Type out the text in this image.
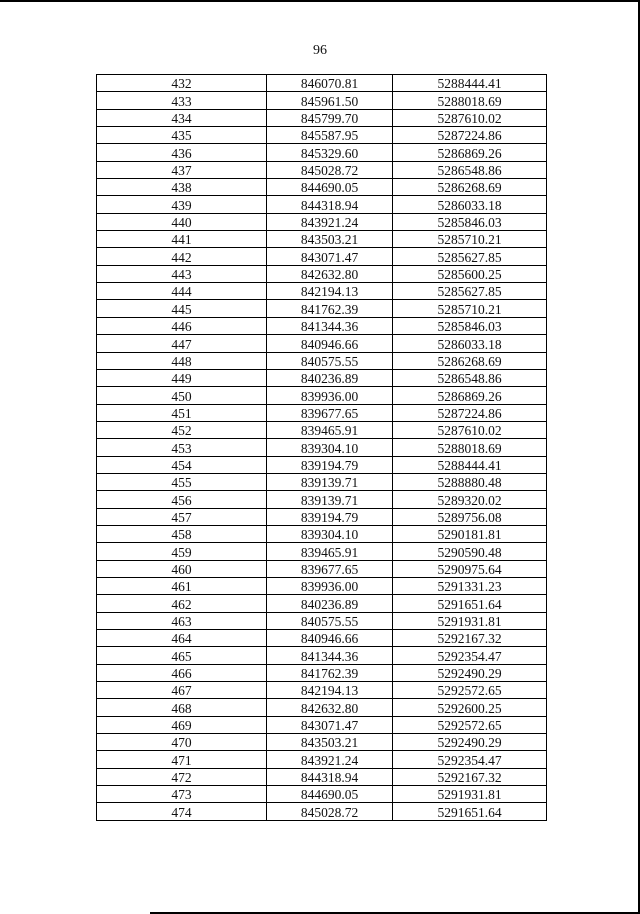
96
432	846070.81	5288444.41
433	845961.50	5288018.69
434	845799.70	5287610.02
435	845587.95	5287224.86
436	845329.60	5286869.26
437	845028.72	5286548.86
438	844690.05	5286268.69
439	844318.94	5286033.18
440	843921.24	5285846.03
441	843503.21	5285710.21
442	843071.47	5285627.85
443	842632.80	5285600.25
444	842194.13	5285627.85
445	841762.39	5285710.21
446	841344.36	5285846.03
447	840946.66	5286033.18
448	840575.55	5286268.69
449	840236.89	5286548.86
450	839936.00	5286869.26
451	839677.65	5287224.86
452	839465.91	5287610.02
453	839304.10	5288018.69
454	839194.79	5288444.41
455	839139.71	5288880.48
456	839139.71	5289320.02
457	839194.79	5289756.08
458	839304.10	5290181.81
459	839465.91	5290590.48
460	839677.65	5290975.64
461	839936.00	5291331.23
462	840236.89	5291651.64
463	840575.55	5291931.81
464	840946.66	5292167.32
465	841344.36	5292354.47
466	841762.39	5292490.29
467	842194.13	5292572.65
468	842632.80	5292600.25
469	843071.47	5292572.65
470	843503.21	5292490.29
471	843921.24	5292354.47
472	844318.94	5292167.32
473	844690.05	5291931.81
474	845028.72	5291651.64
